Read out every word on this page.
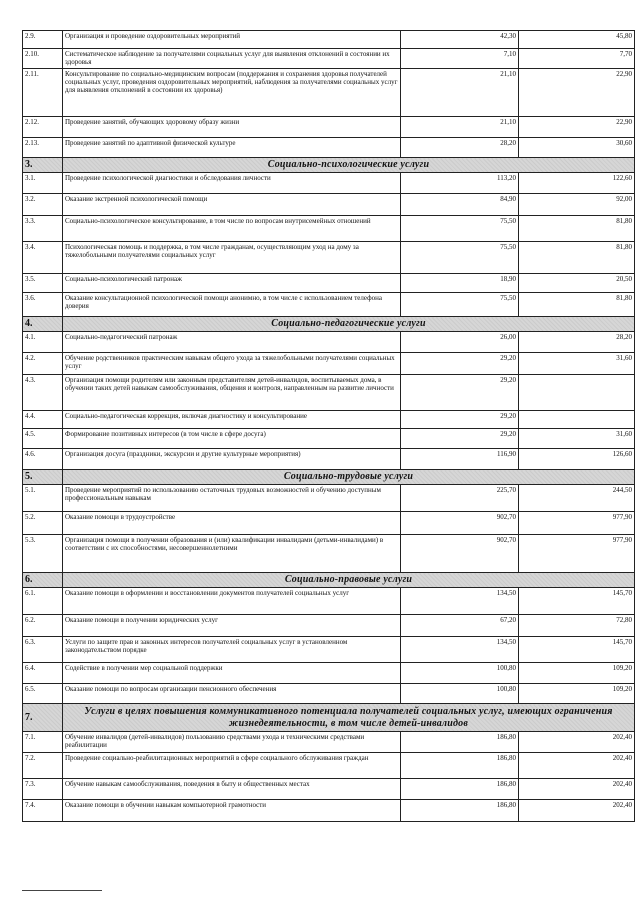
2.9.	Организация и проведение оздоровительных мероприятий	42,30	45,80
2.10.	Систематическое наблюдение за получателями социальных услуг для выявления отклонений в состоянии их здоровья	7,10	7,70
2.11.	Консультирование по социально-медицинским вопросам (поддержания и сохранения здоровья получателей социальных услуг, проведения оздоровительных мероприятий, наблюдения за получателями социальных услуг для выявления отклонений в состоянии их здоровья)	21,10	22,90
2.12.	Проведение занятий, обучающих здоровому образу жизни	21,10	22,90
2.13.	Проведение занятий по адаптивной физической культуре	28,20	30,60
3.	Социально-психологические услуги		
3.1.	Проведение психологической диагностики и обследования личности	113,20	122,60
3.2.	Оказание экстренной психологической помощи	84,90	92,00
3.3.	Социально-психологическое консультирование, в том числе по вопросам внутрисемейных отношений	75,50	81,80
3.4.	Психологическая помощь и поддержка, в том числе гражданам, осуществляющим уход на дому за тяжелобольными получателями социальных услуг	75,50	81,80
3.5.	Социально-психологический патронаж	18,90	20,50
3.6.	Оказание консультационной психологической помощи анонимно, в том числе с использованием телефона доверия	75,50	81,80
4.	Социально-педагогические услуги		
4.1.	Социально-педагогический патронаж	26,00	28,20
4.2.	Обучение родственников практическим навыкам общего ухода за тяжелобольными получателями социальных услуг	29,20	31,60
4.3.	Организация помощи родителям или законным представителям детей-инвалидов, воспитываемых дома, в обучении таких детей навыкам самообслуживания, общения и контроля, направленным на развитие личности	29,20	
4.4.	Социально-педагогическая коррекция, включая диагностику и консультирование	29,20	
4.5.	Формирование позитивных интересов (в том числе в сфере досуга)	29,20	31,60
4.6.	Организация досуга (праздники, экскурсии и другие культурные мероприятия)	116,90	126,60
5.	Социально-трудовые услуги		
5.1.	Проведение мероприятий по использованию остаточных трудовых возможностей и обучению доступным профессиональным навыкам	225,70	244,50
5.2.	Оказание помощи в трудоустройстве	902,70	977,90
5.3.	Организация помощи в получении образования и (или) квалификации инвалидами (детьми-инвалидами) в соответствии с их способностями, несовершеннолетними	902,70	977,90
6.	Социально-правовые услуги		
6.1.	Оказание помощи в оформлении и восстановлении документов получателей социальных услуг	134,50	145,70
6.2.	Оказание помощи в получении юридических услуг	67,20	72,80
6.3.	Услуги по защите прав и законных интересов получателей социальных услуг в установленном законодательством порядке	134,50	145,70
6.4.	Содействие в получении мер социальной поддержки	100,80	109,20
6.5.	Оказание помощи по вопросам организации пенсионного обеспечения	100,80	109,20
7.	Услуги в целях повышения коммуникативного потенциала получателей социальных услуг, имеющих ограничения жизнедеятельности, в том числе детей-инвалидов		
7.1.	Обучение инвалидов (детей-инвалидов) пользованию средствами ухода и техническими средствами реабилитации	186,80	202,40
7.2.	Проведение социально-реабилитационных мероприятий в сфере социального обслуживания граждан	186,80	202,40
7.3.	Обучение навыкам самообслуживания, поведения в быту и общественных местах	186,80	202,40
7.4.	Оказание помощи в обучении навыкам компьютерной грамотности	186,80	202,40
